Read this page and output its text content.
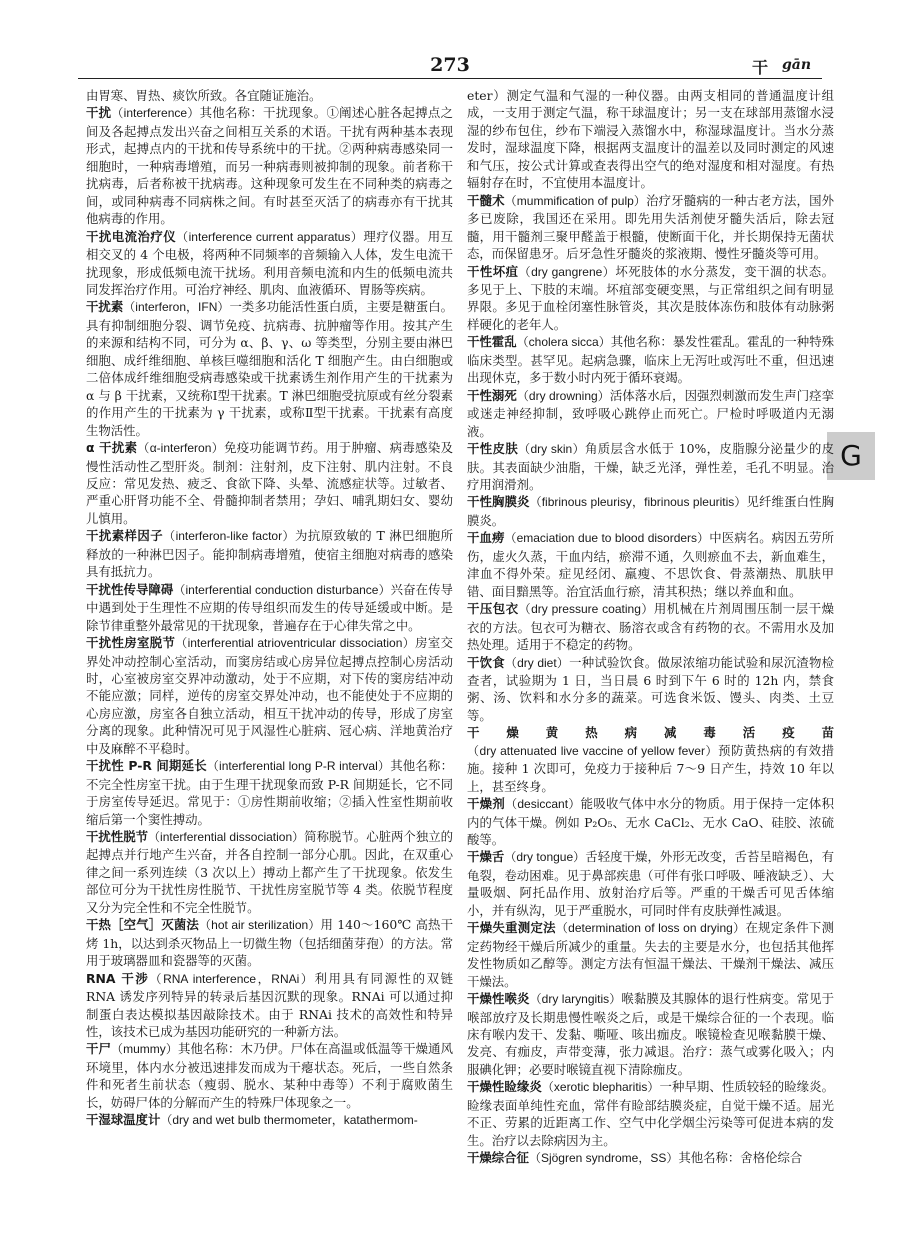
273	干 gān
G

由胃寒、胃热、痰饮所致。各宜随证施治。

干扰（interference）其他名称：干扰现象。①阐述心脏各起搏点之间及各起搏点发出兴奋之间相互关系的术语。干扰有两种基本表现形式，起搏点内的干扰和传导系统中的干扰。②两种病毒感染同一细胞时，一种病毒增殖，而另一种病毒则被抑制的现象。前者称干扰病毒，后者称被干扰病毒。这种现象可发生在不同种类的病毒之间，或同种病毒不同病株之间。有时甚至灭活了的病毒亦有干扰其他病毒的作用。

干扰电流治疗仪（interference current apparatus）理疗仪器。用互相交叉的 4 个电极，将两种不同频率的音频输入人体，发生电流干扰现象，形成低频电流干扰场。利用音频电流和内生的低频电流共同发挥治疗作用。可治疗神经、肌肉、血液循环、胃肠等疾病。

干扰素（interferon，IFN）一类多功能活性蛋白质，主要是糖蛋白。具有抑制细胞分裂、调节免疫、抗病毒、抗肿瘤等作用。按其产生的来源和结构不同，可分为 α、β、γ、ω 等类型，分别主要由淋巴细胞、成纤维细胞、单核巨噬细胞和活化 T 细胞产生。由白细胞或二倍体成纤维细胞受病毒感染或干扰素诱生剂作用产生的干扰素为 α 与 β 干扰素，又统称Ⅰ型干扰素。T 淋巴细胞受抗原或有丝分裂素的作用产生的干扰素为 γ 干扰素，或称Ⅱ型干扰素。干扰素有高度生物活性。

α 干扰素（α-interferon）免疫功能调节药。用于肿瘤、病毒感染及慢性活动性乙型肝炎。制剂：注射剂，皮下注射、肌内注射。不良反应：常见发热、疲乏、食欲下降、头晕、流感症状等。过敏者、严重心肝肾功能不全、骨髓抑制者禁用；孕妇、哺乳期妇女、婴幼儿慎用。

干扰素样因子（interferon-like factor）为抗原致敏的 T 淋巴细胞所释放的一种淋巴因子。能抑制病毒增殖，使宿主细胞对病毒的感染具有抵抗力。

干扰性传导障碍（interferential conduction disturbance）兴奋在传导中遇到处于生理性不应期的传导组织而发生的传导延缓或中断。是除节律重整外最常见的干扰现象，普遍存在于心律失常之中。

干扰性房室脱节（interferential atrioventricular dissociation）房室交界处冲动控制心室活动，而窦房结或心房异位起搏点控制心房活动时，心室被房室交界冲动激动，处于不应期，对下传的窦房结冲动不能应激；同样，逆传的房室交界处冲动，也不能使处于不应期的心房应激，房室各自独立活动，相互干扰冲动的传导，形成了房室分离的现象。此种情况可见于风湿性心脏病、冠心病、洋地黄治疗中及麻醉不平稳时。

干扰性 P-R 间期延长（interferential long P-R interval）其他名称：不完全性房室干扰。由于生理干扰现象而致 P-R 间期延长，它不同于房室传导延迟。常见于：①房性期前收缩；②插入性室性期前收缩后第一个窦性搏动。

干扰性脱节（interferential dissociation）简称脱节。心脏两个独立的起搏点并行地产生兴奋，并各自控制一部分心肌。因此，在双重心律之间一系列连续（3 次以上）搏动上都产生了干扰现象。依发生部位可分为干扰性房性脱节、干扰性房室脱节等 4 类。依脱节程度又分为完全性和不完全性脱节。

干热［空气］灭菌法（hot air sterilization）用 140～160℃ 高热干烤 1h，以达到杀灭物品上一切微生物（包括细菌芽孢）的方法。常用于玻璃器皿和瓷器等的灭菌。

RNA 干涉（RNA interference，RNAi）利用具有同源性的双链 RNA 诱发序列特异的转录后基因沉默的现象。RNAi 可以通过抑制蛋白表达模拟基因敲除技术。由于 RNAi 技术的高效性和特异性，该技术已成为基因功能研究的一种新方法。

干尸（mummy）其他名称：木乃伊。尸体在高温或低温等干燥通风环境里，体内水分被迅速排发而成为干瘪状态。死后，一些自然条件和死者生前状态（瘦弱、脱水、某种中毒等）不利于腐败菌生长，妨碍尸体的分解而产生的特殊尸体现象之一。

干湿球温度计（dry and wet bulb thermometer，katathermom-

eter）测定气温和气湿的一种仪器。由两支相同的普通温度计组成，一支用于测定气温，称干球温度计；另一支在球部用蒸馏水浸湿的纱布包住，纱布下端浸入蒸馏水中，称湿球温度计。当水分蒸发时，湿球温度下降，根据两支温度计的温差以及同时测定的风速和气压，按公式计算或查表得出空气的绝对湿度和相对湿度。有热辐射存在时，不宜使用本温度计。

干髓术（mummification of pulp）治疗牙髓病的一种古老方法，国外多已废除，我国还在采用。即先用失活剂使牙髓失活后，除去冠髓，用干髓剂三聚甲醛盖于根髓，使断面干化，并长期保持无菌状态，而保留患牙。后牙急性牙髓炎的浆液期、慢性牙髓炎等可用。

干性坏疽（dry gangrene）坏死肢体的水分蒸发，变干涸的状态。多见于上、下肢的末端。坏疽部变硬变黑，与正常组织之间有明显界限。多见于血栓闭塞性脉管炎，其次是肢体冻伤和肢体有动脉粥样硬化的老年人。

干性霍乱（cholera sicca）其他名称：暴发性霍乱。霍乱的一种特殊临床类型。甚罕见。起病急骤，临床上无泻吐或泻吐不重，但迅速出现休克，多于数小时内死于循环衰竭。

干性溺死（dry drowning）活体落水后，因强烈刺激而发生声门痉挛或迷走神经抑制，致呼吸心跳停止而死亡。尸检时呼吸道内无溺液。

干性皮肤（dry skin）角质层含水低于 10%，皮脂腺分泌量少的皮肤。其表面缺少油脂，干燥，缺乏光泽，弹性差，毛孔不明显。治疗用润滑剂。

干性胸膜炎（fibrinous pleurisy，fibrinous pleuritis）见纤维蛋白性胸膜炎。

干血痨（emaciation due to blood disorders）中医病名。病因五劳所伤，虚火久蒸，干血内结，瘀滞不通，久则瘀血不去，新血难生，津血不得外荣。症见经闭、羸瘦、不思饮食、骨蒸潮热、肌肤甲错、面目黯黑等。治宜活血行瘀，清其积热；继以养血和血。

干压包衣（dry pressure coating）用机械在片剂周围压制一层干燥衣的方法。包衣可为糖衣、肠溶衣或含有药物的衣。不需用水及加热处理。适用于不稳定的药物。

干饮食（dry diet）一种试验饮食。做尿浓缩功能试验和尿沉渣物检查者，试验期为 1 日，当日晨 6 时到下午 6 时的 12h 内，禁食粥、汤、饮料和水分多的蔬菜。可选食米饭、馒头、肉类、土豆等。

干燥黄热病减毒活疫苗（dry attenuated live vaccine of yellow fever）预防黄热病的有效措施。接种 1 次即可，免疫力于接种后 7～9 日产生，持效 10 年以上，甚至终身。

干燥剂（desiccant）能吸收气体中水分的物质。用于保持一定体积内的气体干燥。例如 P₂O₅、无水 CaCl₂、无水 CaO、硅胶、浓硫酸等。

干燥舌（dry tongue）舌轻度干燥，外形无改变，舌苔呈暗褐色，有龟裂，卷动困难。见于鼻部疾患（可伴有张口呼吸、唾液缺乏）、大量吸烟、阿托品作用、放射治疗后等。严重的干燥舌可见舌体缩小，并有纵沟，见于严重脱水，可同时伴有皮肤弹性减退。

干燥失重测定法（determination of loss on drying）在规定条件下测定药物经干燥后所减少的重量。失去的主要是水分，也包括其他挥发性物质如乙醇等。测定方法有恒温干燥法、干燥剂干燥法、减压干燥法。

干燥性喉炎（dry laryngitis）喉黏膜及其腺体的退行性病变。常见于喉部放疗及长期患慢性喉炎之后，或是干燥综合征的一个表现。临床有喉内发干、发黏、嘶哑、咳出痂皮。喉镜检查见喉黏膜干燥、发亮、有痂皮，声带变薄，张力减退。治疗：蒸气或雾化吸入；内服碘化钾；必要时喉镜直视下清除痂皮。

干燥性睑缘炎（xerotic blepharitis）一种早期、性质较轻的睑缘炎。睑缘表面单纯性充血，常伴有睑部结膜炎症，自觉干燥不适。屈光不正、劳累的近距离工作、空气中化学烟尘污染等可促进本病的发生。治疗以去除病因为主。

干燥综合征（Sjögren syndrome，SS）其他名称：舍格伦综合
